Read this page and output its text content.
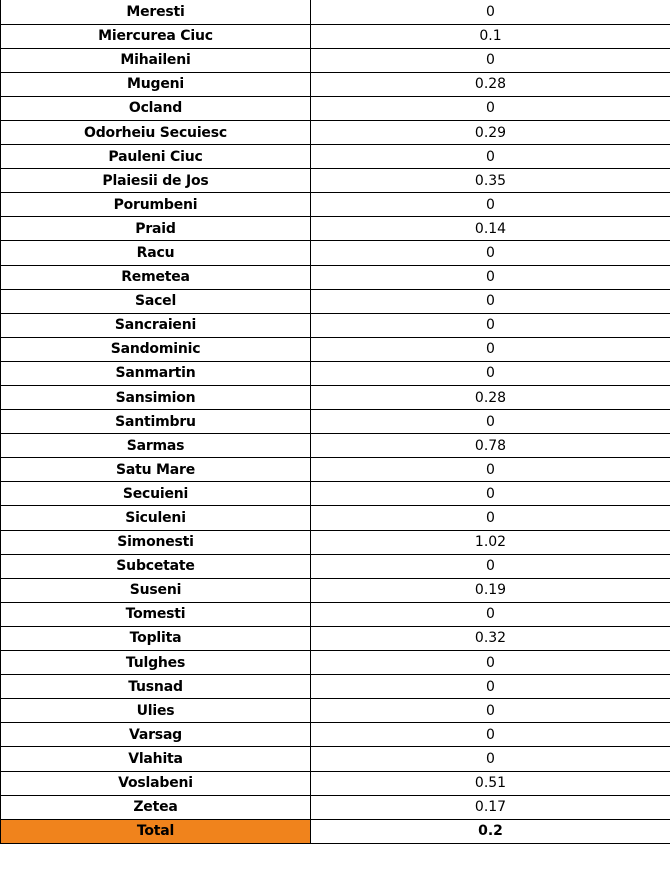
Meresti	0
Miercurea Ciuc	0.1
Mihaileni	0
Mugeni	0.28
Ocland	0
Odorheiu Secuiesc	0.29
Pauleni Ciuc	0
Plaiesii de Jos	0.35
Porumbeni	0
Praid	0.14
Racu	0
Remetea	0
Sacel	0
Sancraieni	0
Sandominic	0
Sanmartin	0
Sansimion	0.28
Santimbru	0
Sarmas	0.78
Satu Mare	0
Secuieni	0
Siculeni	0
Simonesti	1.02
Subcetate	0
Suseni	0.19
Tomesti	0
Toplita	0.32
Tulghes	0
Tusnad	0
Ulies	0
Varsag	0
Vlahita	0
Voslabeni	0.51
Zetea	0.17
Total	0.2
